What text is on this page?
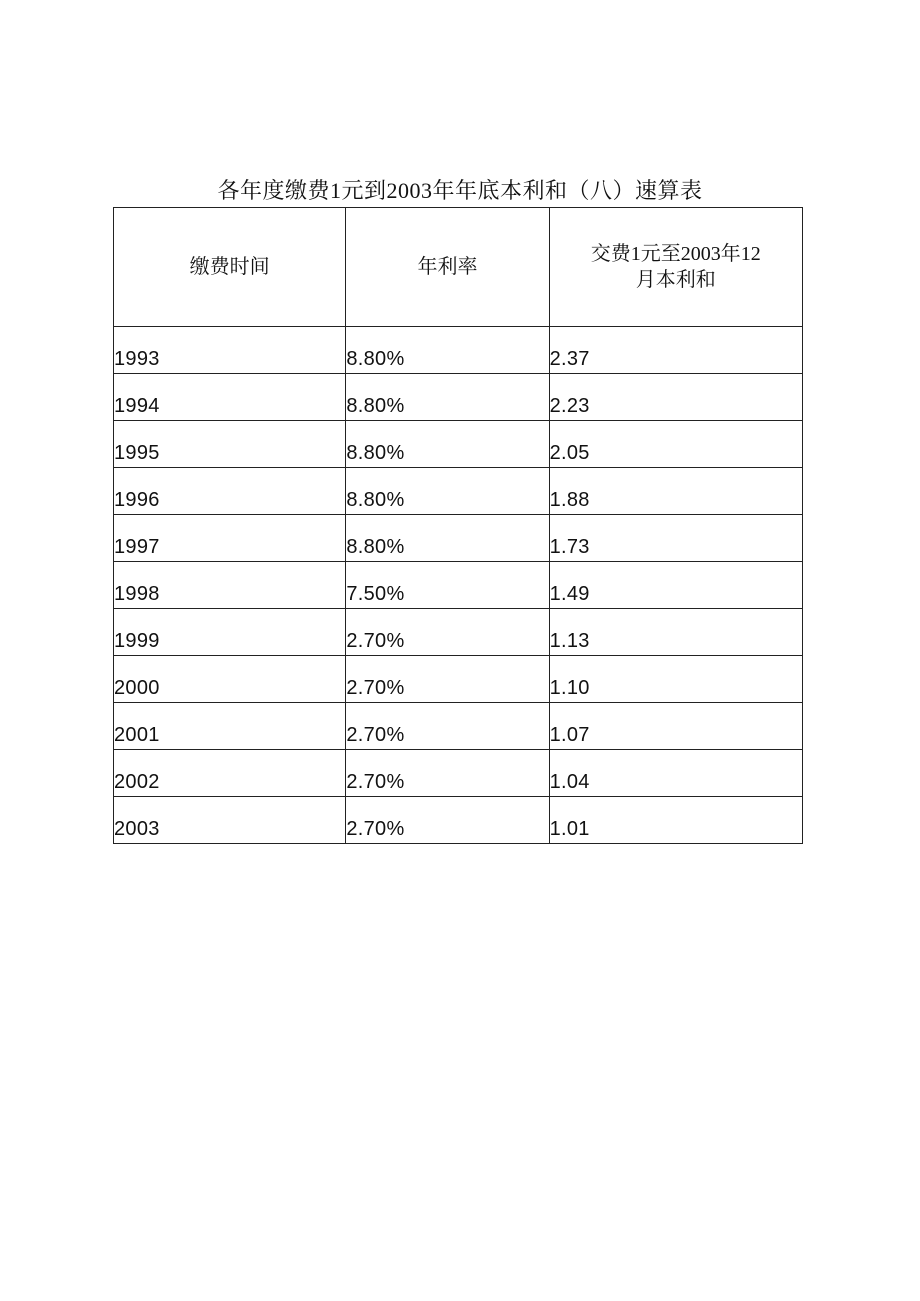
各年度缴费1元到2003年年底本利和（八）速算表
缴费时间	年利率	交费1元至2003年12
月本利和
1993	8.80%	2.37
1994	8.80%	2.23
1995	8.80%	2.05
1996	8.80%	1.88
1997	8.80%	1.73
1998	7.50%	1.49
1999	2.70%	1.13
2000	2.70%	1.10
2001	2.70%	1.07
2002	2.70%	1.04
2003	2.70%	1.01
